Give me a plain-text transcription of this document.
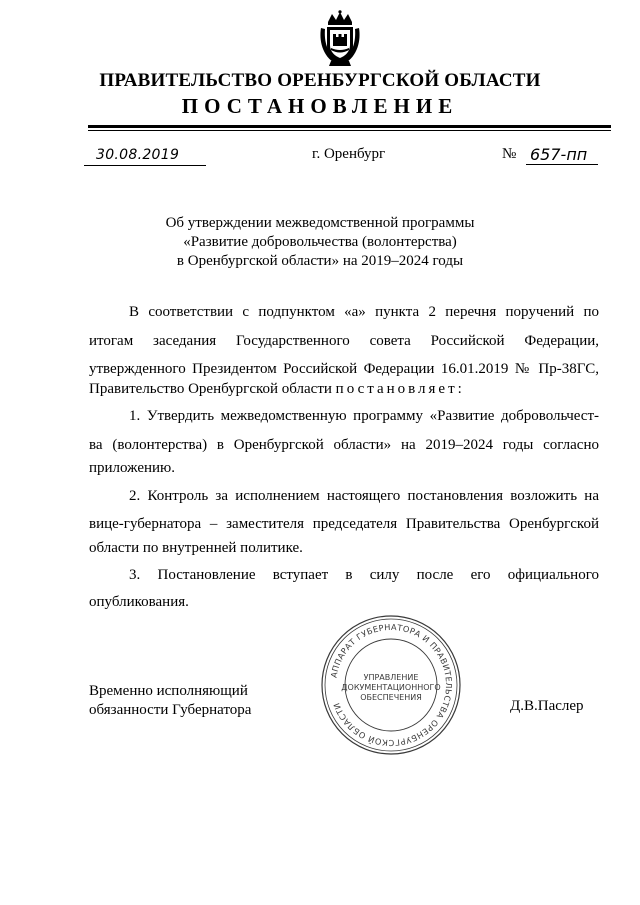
ПРАВИТЕЛЬСТВО ОРЕНБУРГСКОЙ ОБЛАСТИ
ПОСТАНОВЛЕНИЕ
30.08.2019	г. Оренбург	№ 657-пп
Об утверждении межведомственной программы
«Развитие добровольчества (волонтерства)
в Оренбургской области» на 2019–2024 годы
В соответствии с подпунктом «а» пункта 2 перечня поручений по
итогам заседания Государственного совета Российской Федерации,
утвержденного Президентом Российской Федерации 16.01.2019 № Пр-38ГС,
Правительство Оренбургской области постановляет:
1. Утвердить межведомственную программу «Развитие добровольчест-
ва (волонтерства) в Оренбургской области» на 2019–2024 годы согласно
приложению.
2. Контроль за исполнением настоящего постановления возложить на
вице-губернатора – заместителя председателя Правительства Оренбургской
области по внутренней политике.
3. Постановление вступает в силу после его официального
опубликования.
Временно исполняющий
обязанности Губернатора	Д.В.Паслер
АППАРАТ ГУБЕРНАТОРА И ПРАВИТЕЛЬСТВА ОРЕНБУРГСКОЙ ОБЛАСТИ
УПРАВЛЕНИЕ
ДОКУМЕНТАЦИОННОГО
ОБЕСПЕЧЕНИЯ
